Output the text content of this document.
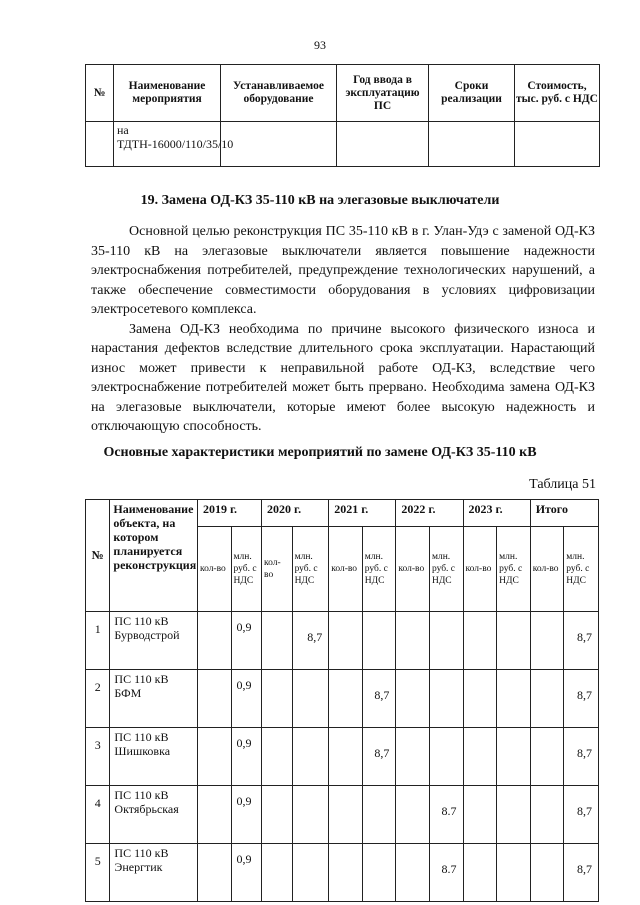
93
№	Наименование мероприятия	Устанавливаемое оборудование	Год ввода в эксплуатацию ПС	Сроки реализации	Стоимость, тыс. руб. с НДС
	на ТДТН-16000/110/35/10				
19. Замена ОД-КЗ 35-110 кВ на элегазовые выключатели

Основной целью реконструкция ПС 35-110 кВ в г. Улан-Удэ с заменой ОД-КЗ 35-110 кВ на элегазовые выключатели является повышение надежности электроснабжения потребителей, предупреждение технологических нарушений, а также обеспечение совместимости оборудования в условиях цифровизации электросетевого комплекса.

Замена ОД-КЗ необходима по причине высокого физического износа и нарастания дефектов вследствие длительного срока эксплуатации. Нарастающий износ может привести к неправильной работе ОД-КЗ, вследствие чего электроснабжение потребителей может быть прервано. Необходима замена ОД-КЗ на элегазовые выключатели, которые имеют более высокую надежность и отключающую способность.

Основные характеристики мероприятий по замене ОД-КЗ 35-110 кВ
Таблица 51
№	Наименование объекта, на котором планируется реконструкция	2019 г.		2020 г.		2021 г.		2022 г.		2023 г.		Итого	
		кол-во	млн. руб. с НДС	кол-во	млн. руб. с НДС	кол-во	млн. руб. с НДС	кол-во	млн. руб. с НДС	кол-во	млн. руб. с НДС	кол-во	млн. руб. с НДС
1	ПС 110 кВ Бурводстрой		0,9		8,7								8,7
2	ПС 110 кВ БФМ		0,9				8,7						8,7
3	ПС 110 кВ Шишковка		0,9				8,7						8,7
4	ПС 110 кВ Октябрьская		0,9						8.7				8,7
5	ПС 110 кВ Энергтик		0,9						8.7				8,7
